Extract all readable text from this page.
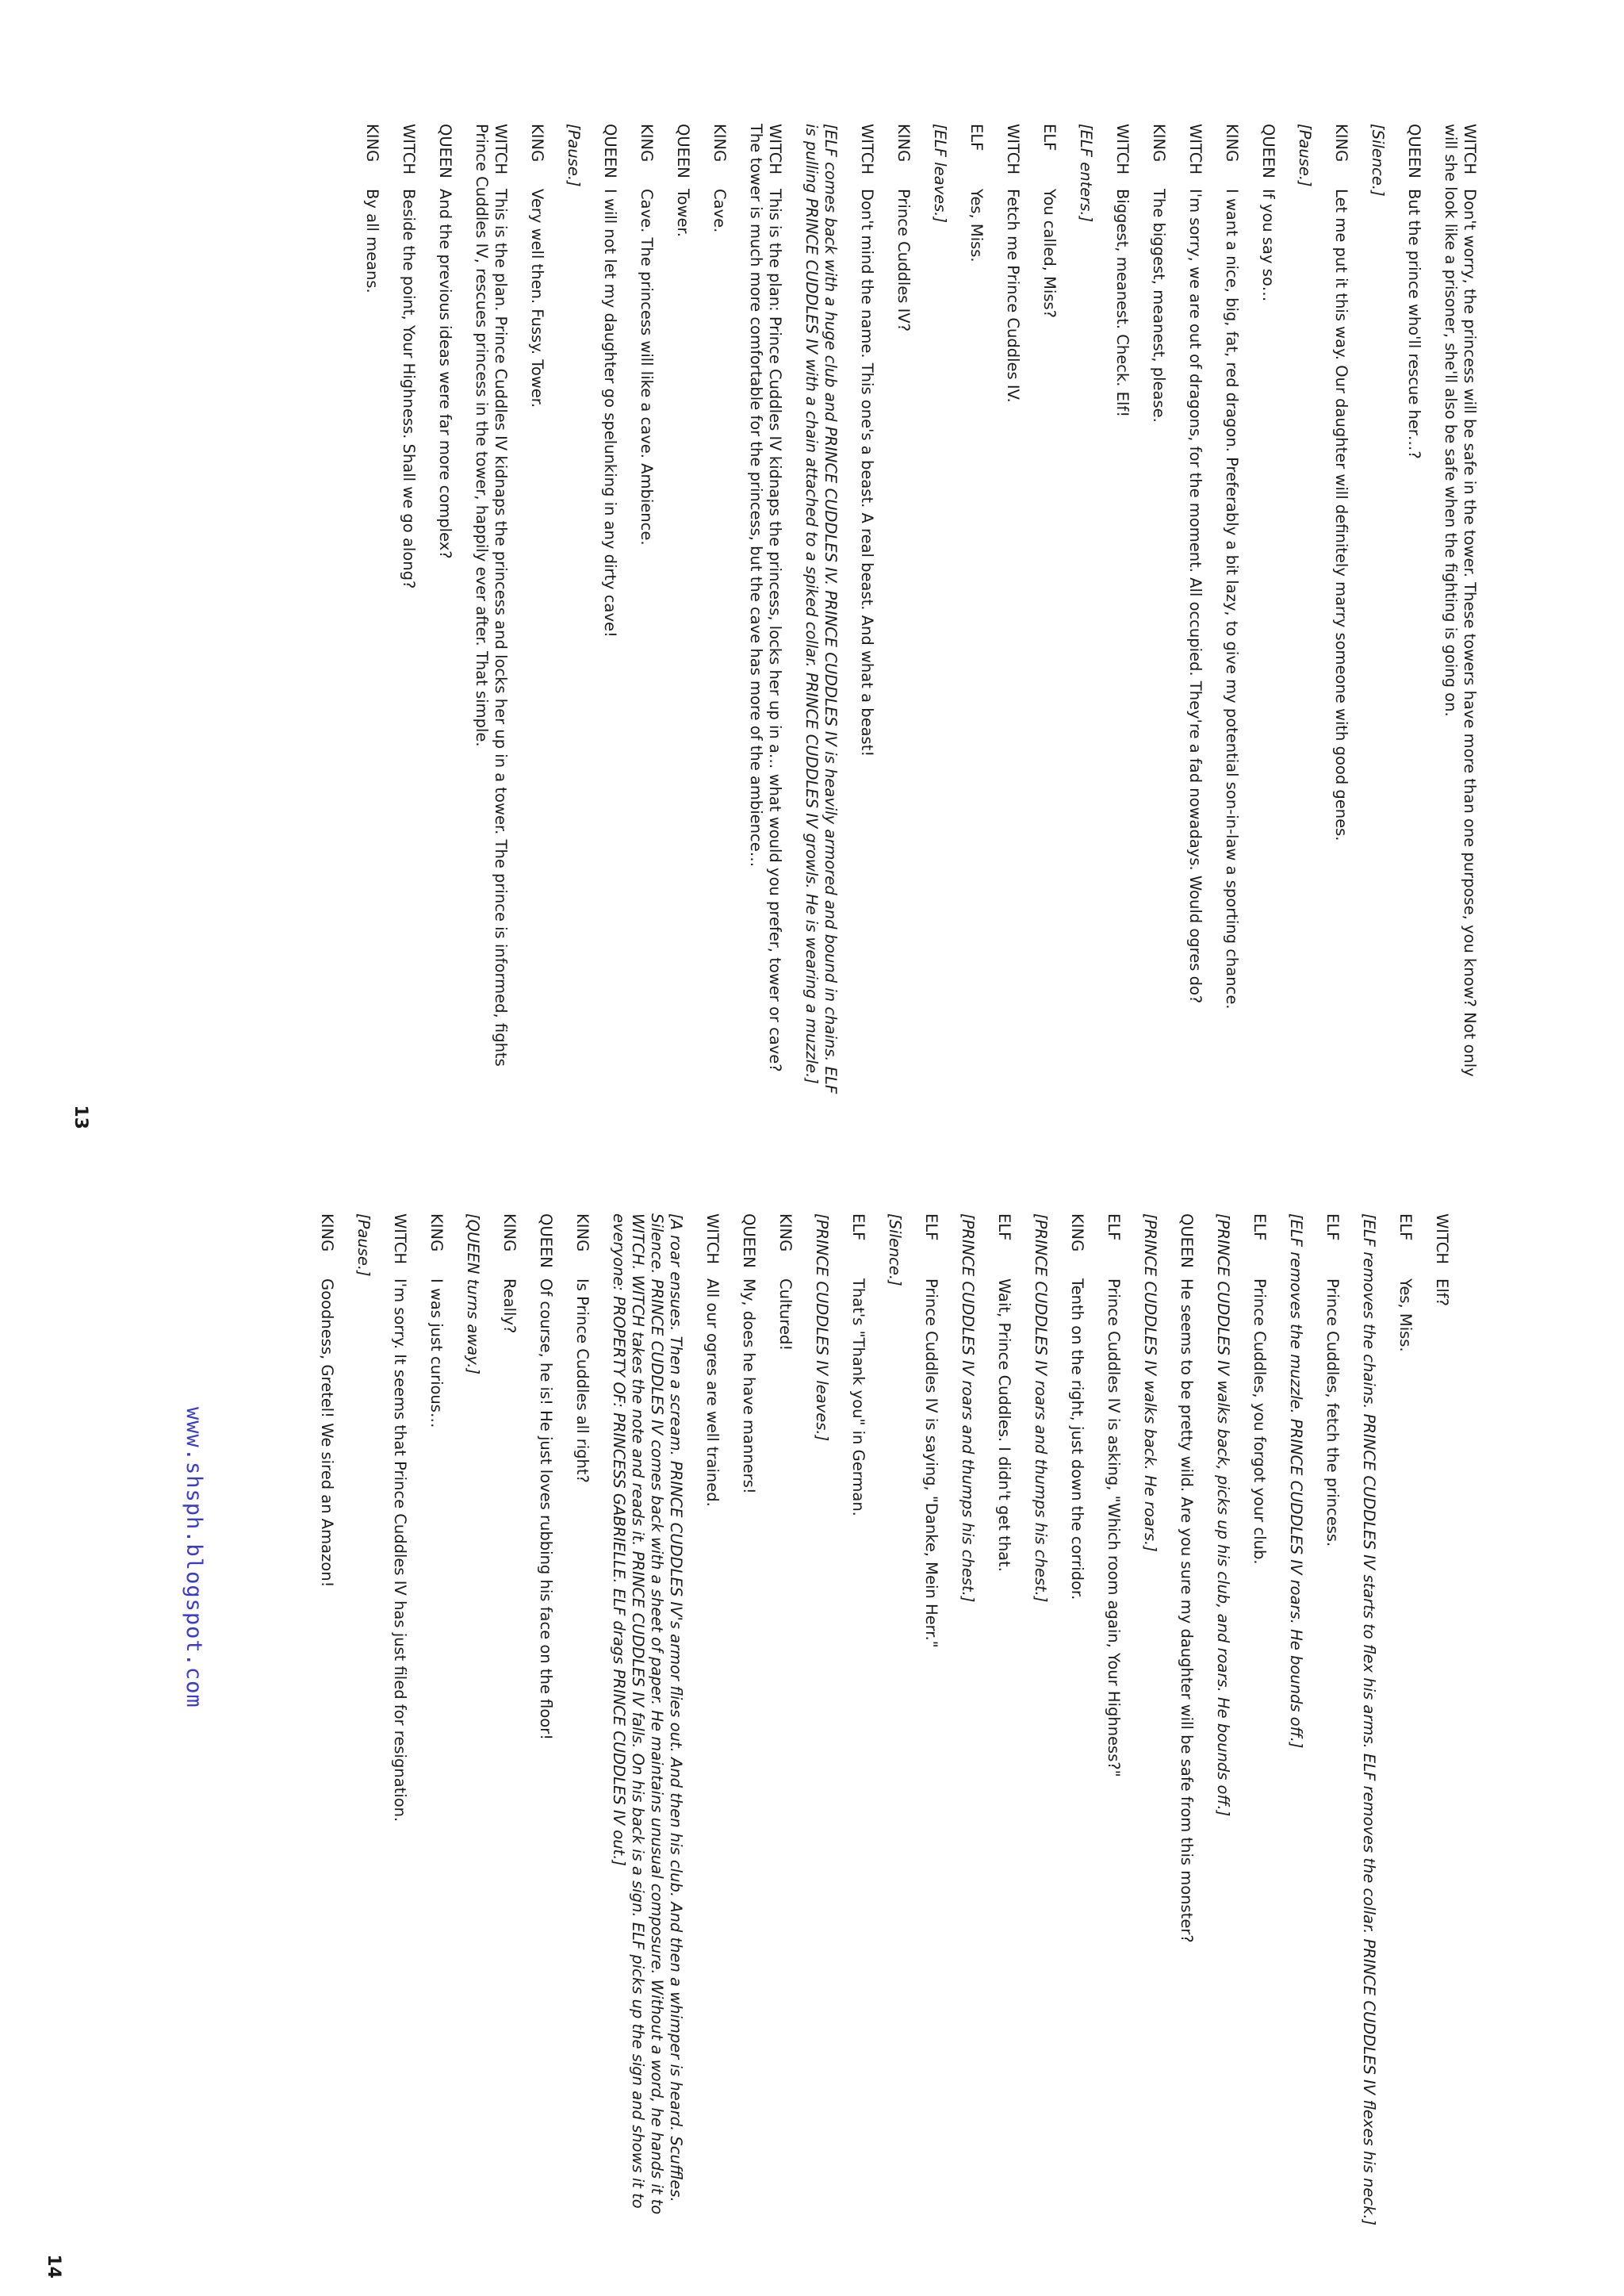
WITCHDon't worry, the princess will be safe in the tower. These towers have more than one purpose, you know? Not only will she look like a prisoner, she'll also be safe when the fighting is going on.

QUEENBut the prince who'll rescue her…?

[Silence.]

KINGLet me put it this way. Our daughter will definitely marry someone with good genes.

[Pause.]

QUEENIf you say so…

KINGI want a nice, big, fat, red dragon. Preferably a bit lazy, to give my potential son-in-law a sporting chance.

WITCHI'm sorry, we are out of dragons, for the moment. All occupied. They're a fad nowadays. Would ogres do?

KINGThe biggest, meanest, please.

WITCHBiggest, meanest. Check. Elf!

[ELF enters.]

ELFYou called, Miss?

WITCHFetch me Prince Cuddles IV.

ELFYes, Miss.

[ELF leaves.]

KINGPrince Cuddles IV?

WITCHDon't mind the name. This one's a beast. A real beast. And what a beast!

[ELF comes back with a huge club and PRINCE CUDDLES IV. PRINCE CUDDLES IV is heavily armored and bound in chains. ELF is pulling PRINCE CUDDLES IV with a chain attached to a spiked collar. PRINCE CUDDLES IV growls. He is wearing a muzzle.]

WITCHThis is the plan: Prince Cuddles IV kidnaps the princess, locks her up in a… what would you prefer, tower or cave? The tower is much more comfortable for the princess, but the cave has more of the ambience…

KINGCave.

QUEENTower.

KINGCave. The princess will like a cave. Ambience.

QUEENI will not let my daughter go spelunking in any dirty cave!

[Pause.]

KINGVery well then. Fussy. Tower.

WITCHThis is the plan. Prince Cuddles IV kidnaps the princess and locks her up in a tower. The prince is informed, fights Prince Cuddles IV, rescues princess in the tower, happily ever after. That simple.

QUEENAnd the previous ideas were far more complex?

WITCHBeside the point, Your Highness. Shall we go along?

KINGBy all means.

13

WITCHElf?

ELFYes, Miss.

[ELF removes the chains. PRINCE CUDDLES IV starts to flex his arms. ELF removes the collar. PRINCE CUDDLES IV flexes his neck.]

ELFPrince Cuddles, fetch the princess.

[ELF removes the muzzle. PRINCE CUDDLES IV roars. He bounds off.]

ELFPrince Cuddles, you forgot your club.

[PRINCE CUDDLES IV walks back, picks up his club, and roars. He bounds off.]

QUEENHe seems to be pretty wild. Are you sure my daughter will be safe from this monster?

[PRINCE CUDDLES IV walks back. He roars.]

ELFPrince Cuddles IV is asking, "Which room again, Your Highness?"

KINGTenth on the right, just down the corridor.

[PRINCE CUDDLES IV roars and thumps his chest.]

ELFWait, Prince Cuddles. I didn't get that.

[PRINCE CUDDLES IV roars and thumps his chest.]

ELFPrince Cuddles IV is saying, "Danke, Mein Herr."

[Silence.]

ELFThat's "Thank you" in German.

[PRINCE CUDDLES IV leaves.]

KINGCultured!

QUEENMy, does he have manners!

WITCHAll our ogres are well trained.

[A roar ensues. Then a scream. PRINCE CUDDLES IV's armor flies out. And then his club. And then a whimper is heard. Scuffles. Silence. PRINCE CUDDLES IV comes back with a sheet of paper. He maintains unusual composure. Without a word, he hands it to WITCH. WITCH takes the note and reads it. PRINCE CUDDLES IV falls. On his back is a sign. ELF picks up the sign and shows it to everyone: PROPERTY OF: PRINCESS GABRIELLE. ELF drags PRINCE CUDDLES IV out.]

KINGIs Prince Cuddles all right?

QUEENOf course, he is! He just loves rubbing his face on the floor!

KINGReally?

[QUEEN turns away.]

KINGI was just curious…

WITCHI'm sorry. It seems that Prince Cuddles IV has just filed for resignation.

[Pause.]

KINGGoodness, Gretel! We sired an Amazon!

14

www.shsph.blogspot.com
